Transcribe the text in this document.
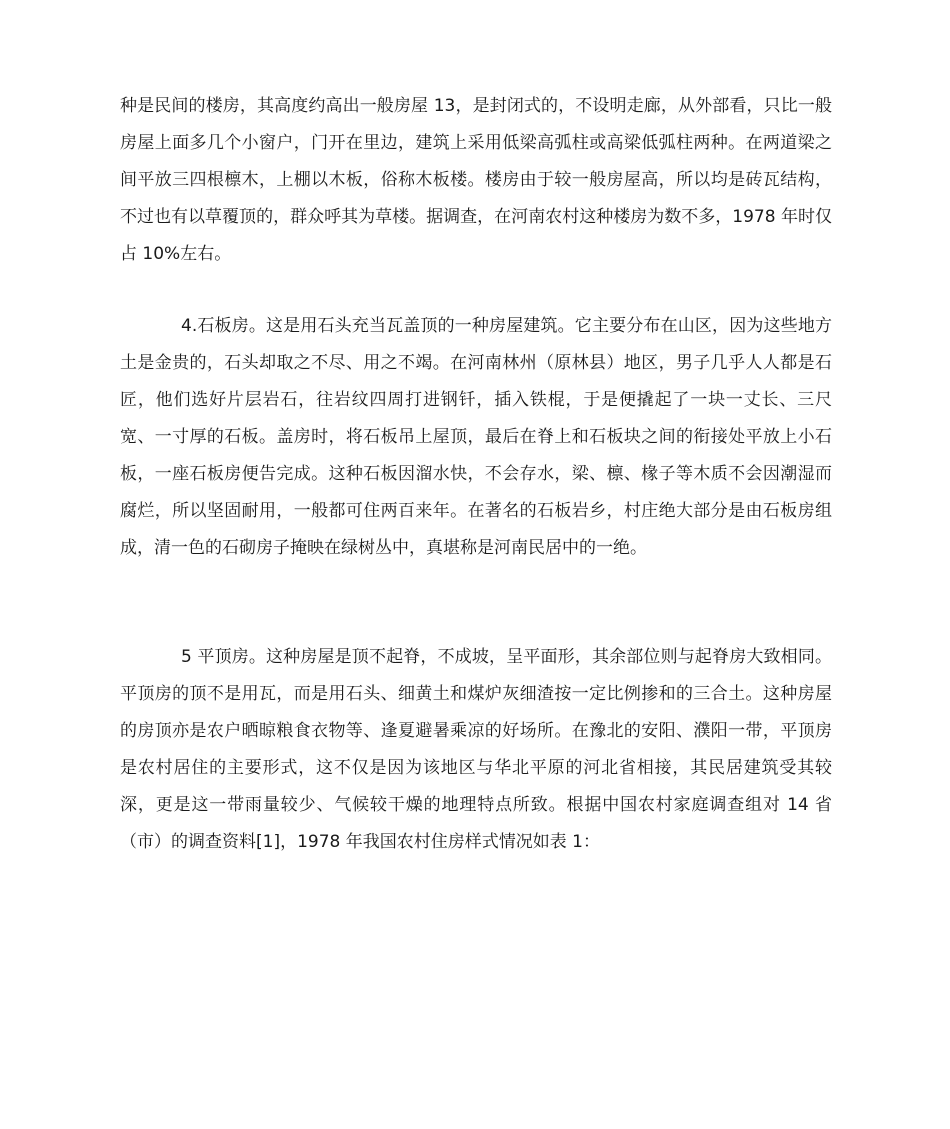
种是民间的楼房，其高度约高出一般房屋 13，是封闭式的，不设明走廊，从外部看，只比一般房屋上面多几个小窗户，门开在里边，建筑上采用低梁高弧柱或高梁低弧柱两种。在两道梁之间平放三四根檩木，上棚以木板，俗称木板楼。楼房由于较一般房屋高，所以均是砖瓦结构，不过也有以草覆顶的，群众呼其为草楼。据调查，在河南农村这种楼房为数不多，1978 年时仅占 10%左右。

4.石板房。这是用石头充当瓦盖顶的一种房屋建筑。它主要分布在山区，因为这些地方土是金贵的，石头却取之不尽、用之不竭。在河南林州（原林县）地区，男子几乎人人都是石匠，他们选好片层岩石，往岩纹四周打进钢钎，插入铁棍，于是便撬起了一块一丈长、三尺宽、一寸厚的石板。盖房时，将石板吊上屋顶，最后在脊上和石板块之间的衔接处平放上小石板，一座石板房便告完成。这种石板因溜水快，不会存水，梁、檩、椽子等木质不会因潮湿而腐烂，所以坚固耐用，一般都可住两百来年。在著名的石板岩乡，村庄绝大部分是由石板房组成，清一色的石砌房子掩映在绿树丛中，真堪称是河南民居中的一绝。

5 平顶房。这种房屋是顶不起脊，不成坡，呈平面形，其余部位则与起脊房大致相同。平顶房的顶不是用瓦，而是用石头、细黄土和煤炉灰细渣按一定比例掺和的三合土。这种房屋的房顶亦是农户晒晾粮食衣物等、逢夏避暑乘凉的好场所。在豫北的安阳、濮阳一带，平顶房是农村居住的主要形式，这不仅是因为该地区与华北平原的河北省相接，其民居建筑受其较深，更是这一带雨量较少、气候较干燥的地理特点所致。根据中国农村家庭调查组对 14 省（市）的调查资料[1]，1978 年我国农村住房样式情况如表 1：
